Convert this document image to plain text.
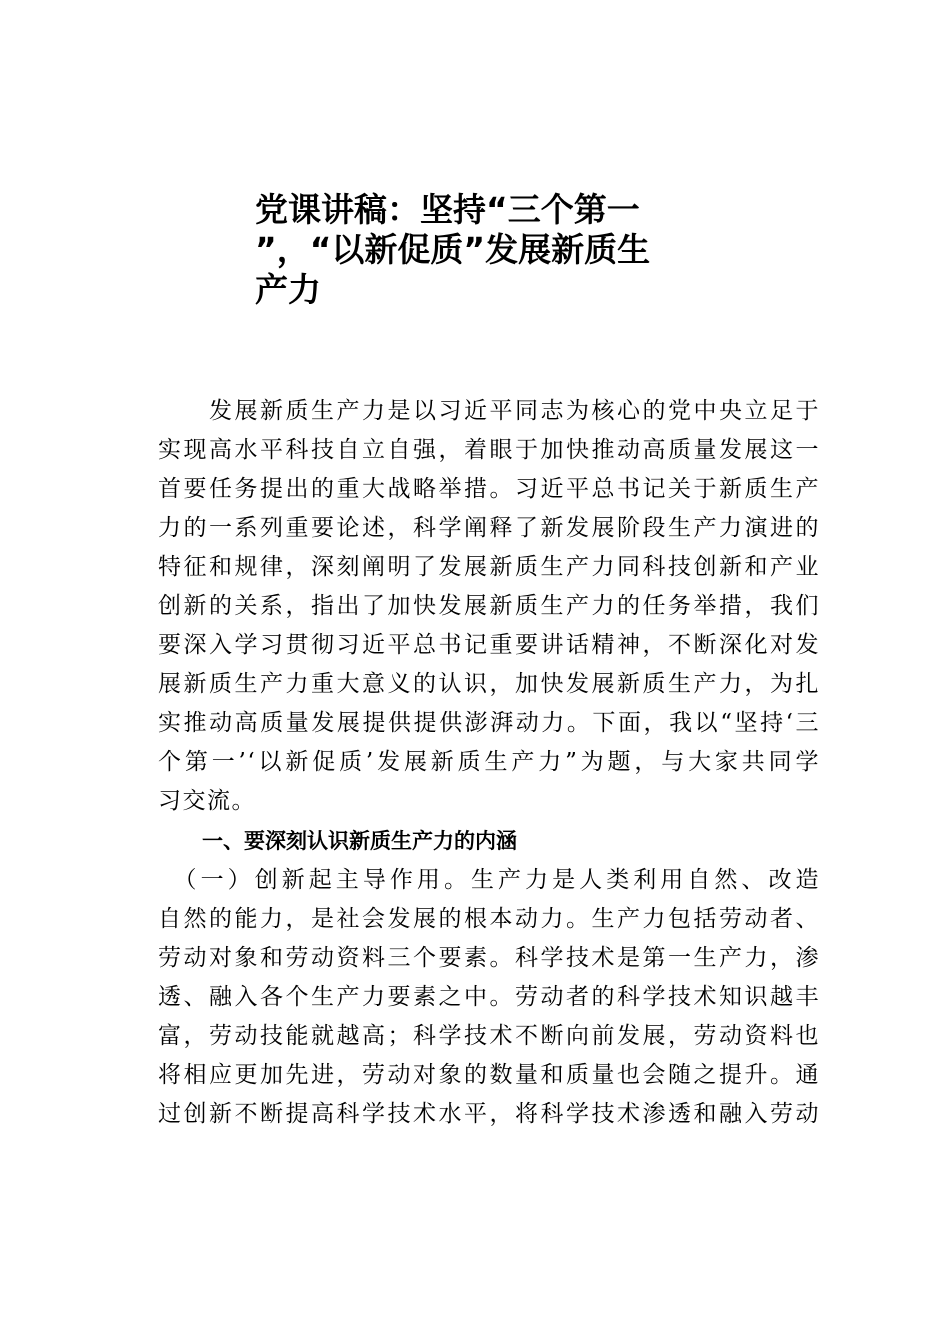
党课讲稿：坚持“三个第一
”，“以新促质”发展新质生
产力

　　发展新质生产力是以习近平同志为核心的党中央立足于
实现高水平科技自立自强，着眼于加快推动高质量发展这一
首要任务提出的重大战略举措。习近平总书记关于新质生产
力的一系列重要论述，科学阐释了新发展阶段生产力演进的
特征和规律，深刻阐明了发展新质生产力同科技创新和产业
创新的关系，指出了加快发展新质生产力的任务举措，我们
要深入学习贯彻习近平总书记重要讲话精神，不断深化对发
展新质生产力重大意义的认识，加快发展新质生产力，为扎
实推动高质量发展提供提供澎湃动力。下面，我以“坚持‘三
个第一’‘以新促质’发展新质生产力”为题，与大家共同学
习交流。

一、要深刻认识新质生产力的内涵

　（一）创新起主导作用。生产力是人类利用自然、改造
自然的能力，是社会发展的根本动力。生产力包括劳动者、
劳动对象和劳动资料三个要素。科学技术是第一生产力，渗
透、融入各个生产力要素之中。劳动者的科学技术知识越丰
富，劳动技能就越高；科学技术不断向前发展，劳动资料也
将相应更加先进，劳动对象的数量和质量也会随之提升。通
过创新不断提高科学技术水平，将科学技术渗透和融入劳动
